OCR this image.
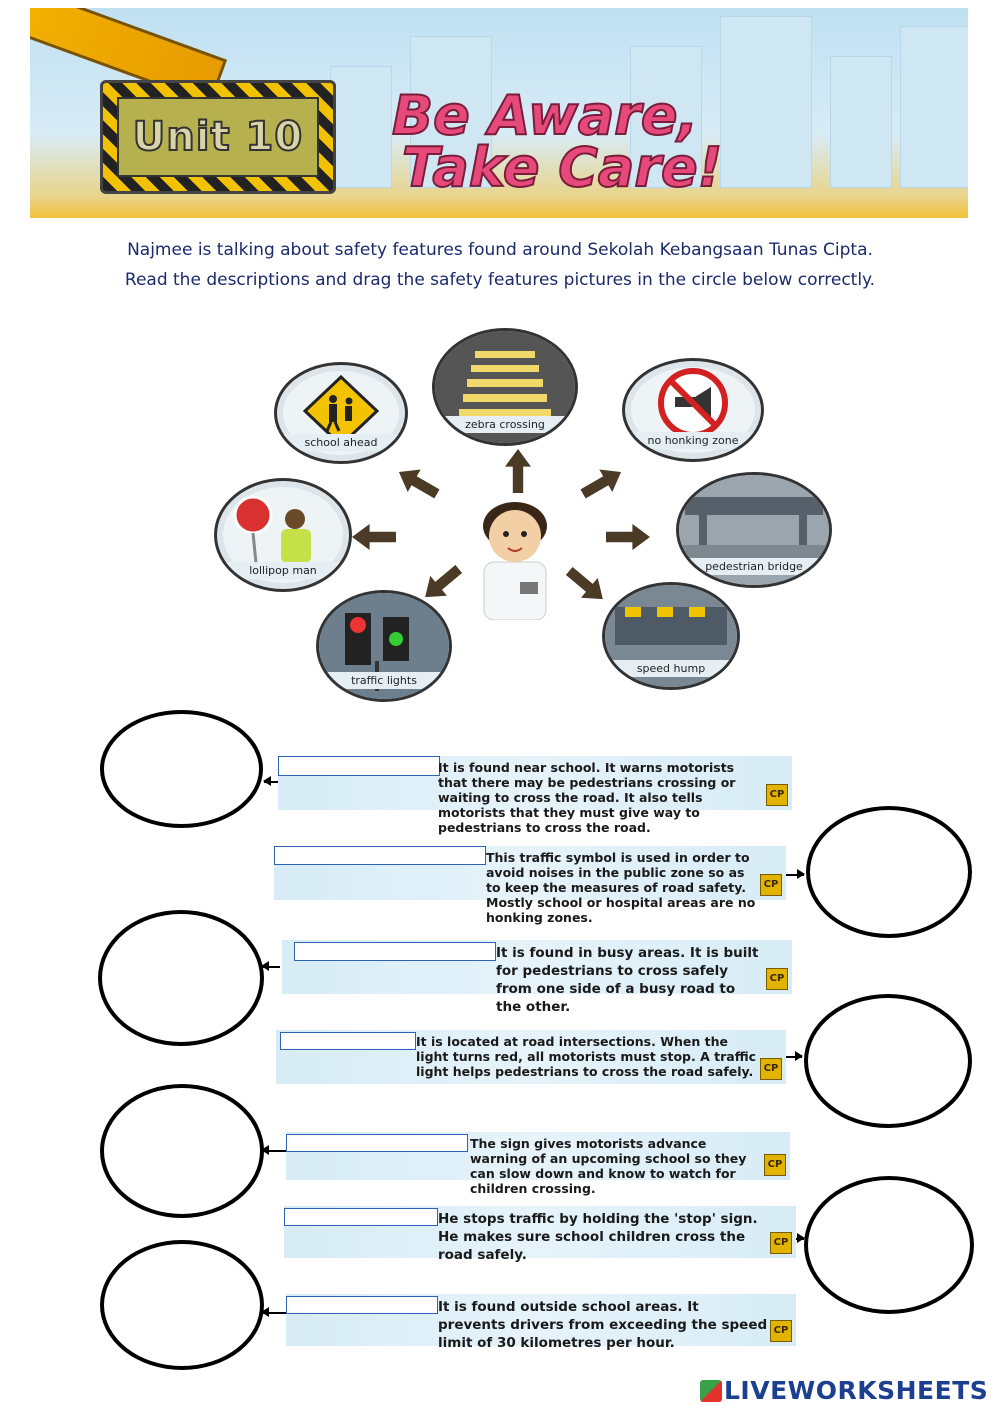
Unit 10 Be Aware,
Take Care!
Najmee is talking about safety features found around Sekolah Kebangsaan Tunas Cipta.
Read the descriptions and drag the safety features pictures in the circle below correctly.
school ahead
zebra crossing
no honking zone
lollipop man	pedestrian bridge
traffic lights
speed hump
It is found near school. It warns motorists that there may be pedestrians crossing or waiting to cross the road. It also tells motorists that they must give way to pedestrians to cross the road.
CP
This traffic symbol is used in order to avoid noises in the public zone so as to keep the measures of road safety. Mostly school or hospital areas are no honking zones.
CP
It is found in busy areas. It is built for pedestrians to cross safely from one side of a busy road to the other.
CP
It is located at road intersections. When the light turns red, all motorists must stop. A traffic light helps pedestrians to cross the road safely.	CP
The sign gives motorists advance warning of an upcoming school so they can slow down and know to watch for children crossing.
CP
He stops traffic by holding the 'stop' sign. He makes sure school children cross the road safely.
CP
It is found outside school areas. It prevents drivers from exceeding the speed limit of 30 kilometres per hour.
CP
LIVEWORKSHEETS
